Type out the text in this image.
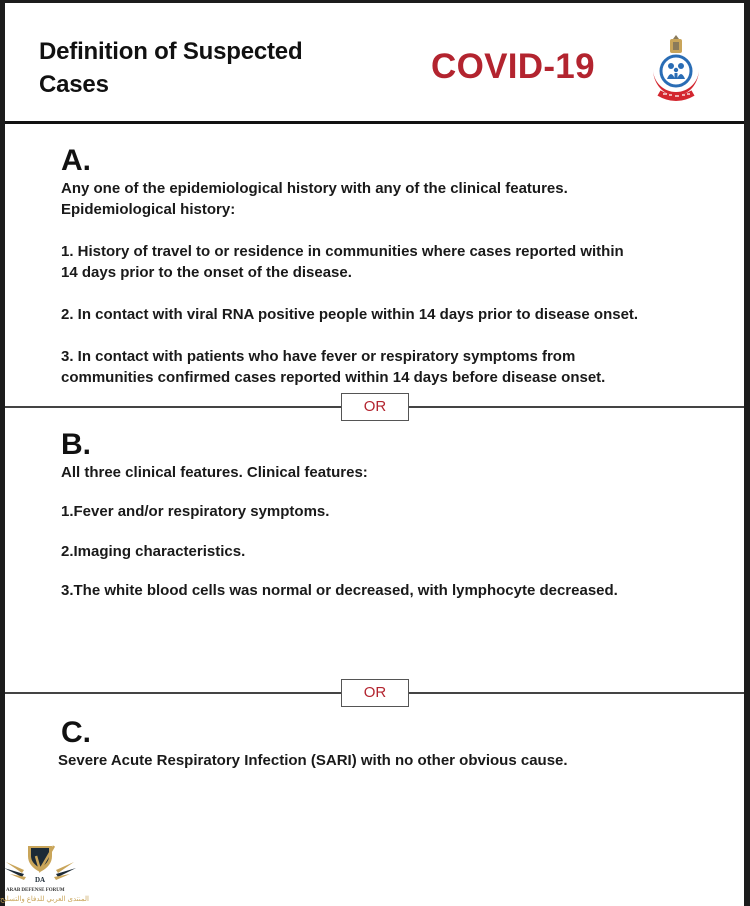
Definition of Suspected Cases	COVID-19
A.
Any one of the epidemiological history with any of the clinical features.
Epidemiological history:
1. History of travel to or residence in communities where cases reported within
14 days prior to the onset of the disease.
2. In contact with viral RNA positive people within 14 days prior to disease onset.
3. In contact with patients who have fever or respiratory symptoms from
communities confirmed cases reported within 14 days before disease onset.
OR
B.
All three clinical features. Clinical features:
1.Fever and/or respiratory symptoms.
2.Imaging characteristics.
3.The white blood cells was normal or decreased, with lymphocyte decreased.
OR
C.
Severe Acute Respiratory Infection (SARI) with no other obvious cause.
DA
ARAB DEFENSE FORUM
المنتدى العربي للدفاع والتسليح
